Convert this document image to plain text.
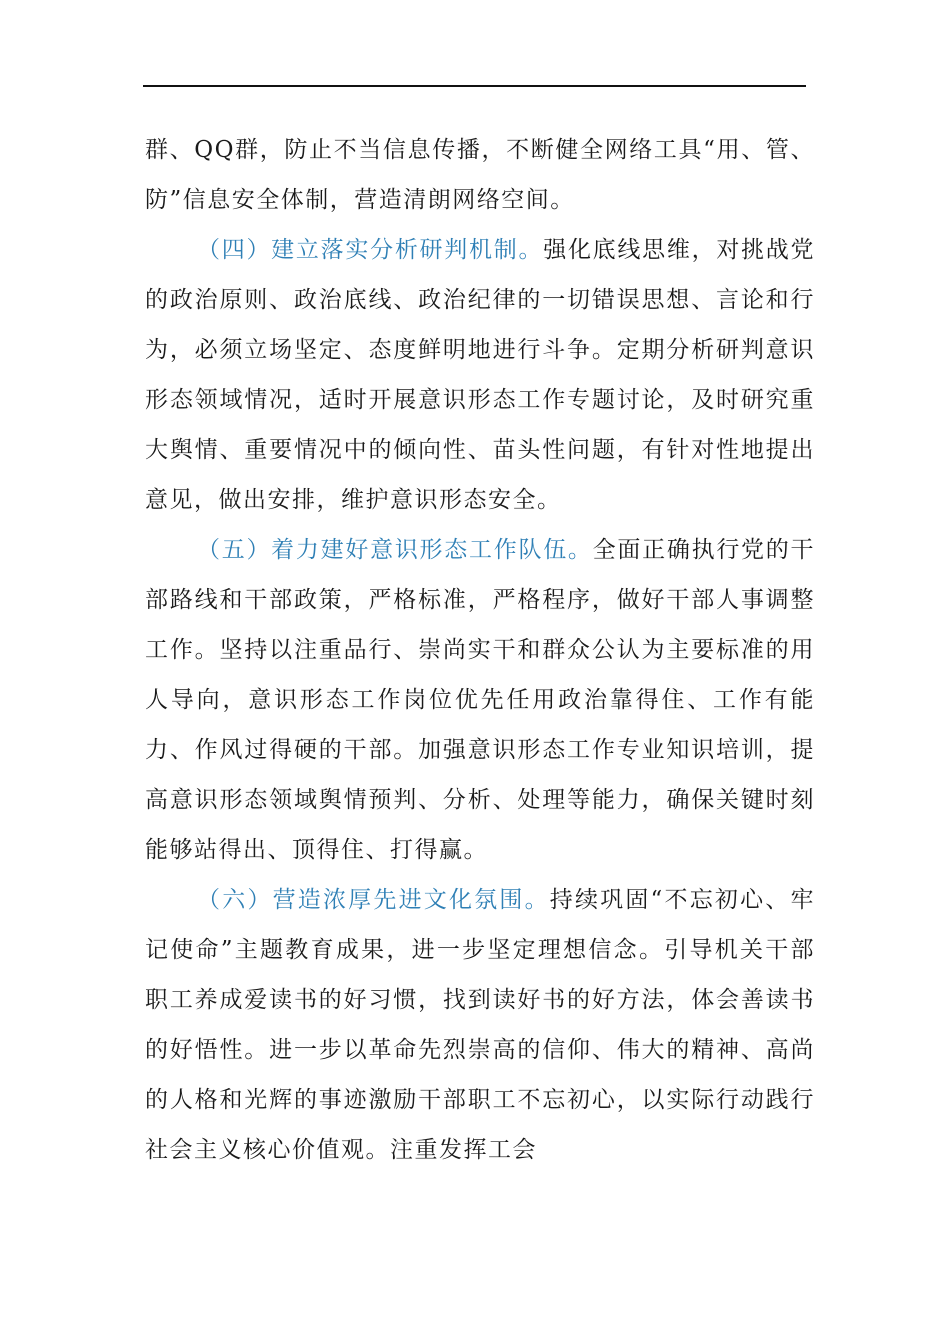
群、QQ群，防止不当信息传播，不断健全网络工具“用、管、防”信息安全体制，营造清朗网络空间。

（四）建立落实分析研判机制。强化底线思维，对挑战党的政治原则、政治底线、政治纪律的一切错误思想、言论和行为，必须立场坚定、态度鲜明地进行斗争。定期分析研判意识形态领域情况，适时开展意识形态工作专题讨论，及时研究重大舆情、重要情况中的倾向性、苗头性问题，有针对性地提出意见，做出安排，维护意识形态安全。

（五）着力建好意识形态工作队伍。全面正确执行党的干部路线和干部政策，严格标准，严格程序，做好干部人事调整工作。坚持以注重品行、崇尚实干和群众公认为主要标准的用人导向，意识形态工作岗位优先任用政治靠得住、工作有能力、作风过得硬的干部。加强意识形态工作专业知识培训，提高意识形态领域舆情预判、分析、处理等能力，确保关键时刻能够站得出、顶得住、打得赢。

（六）营造浓厚先进文化氛围。持续巩固“不忘初心、牢记使命”主题教育成果，进一步坚定理想信念。引导机关干部职工养成爱读书的好习惯，找到读好书的好方法，体会善读书的好悟性。进一步以革命先烈崇高的信仰、伟大的精神、高尚的人格和光辉的事迹激励干部职工不忘初心，以实际行动践行社会主义核心价值观。注重发挥工会
